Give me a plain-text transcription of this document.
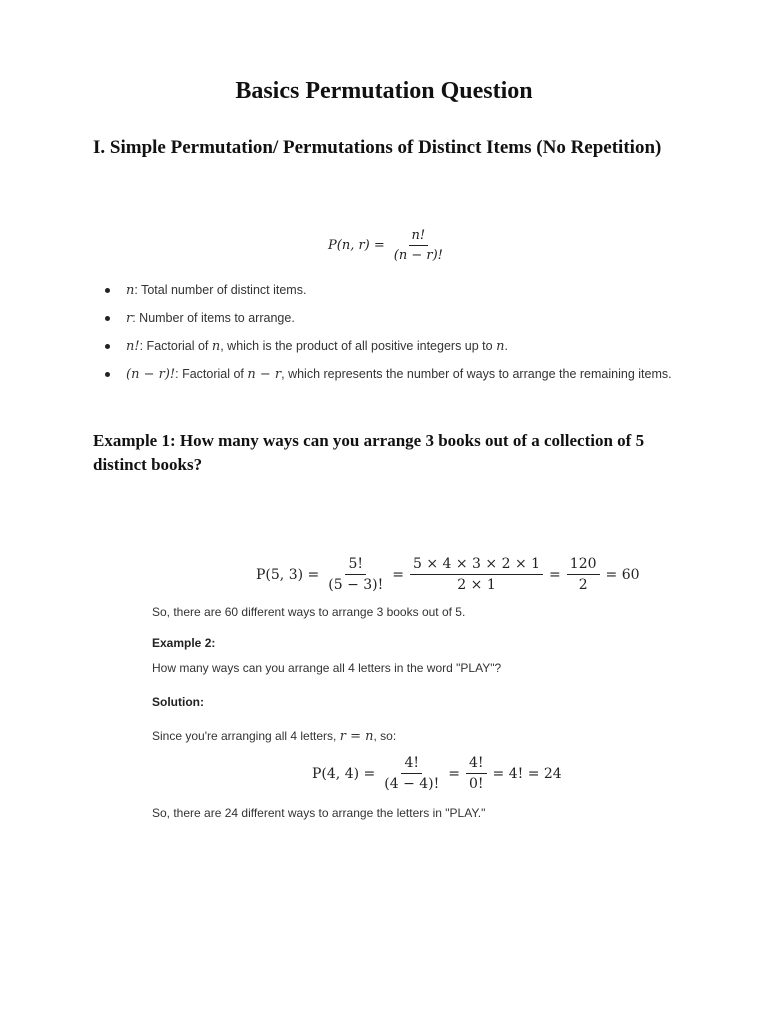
Basics Permutation Question
I. Simple Permutation/ Permutations of Distinct Items (No Repetition)
P(n, $r) = \frac{n!}{(n - r)!}$
n: Total number of distinct items.
r: Number of items to arrange.
n!: Factorial of n, which is the product of all positive integers up to n.
(n − r)!: Factorial of n − r, which represents the number of ways to arrange the remaining items.
Example 1: How many ways can you arrange 3 books out of a collection of 5 distinct books?
P(5, $3) = \frac{5!}{(5 - 3)!} = \frac{5 \times 4 \times 3 \times 2 \times 1}{2 \times 1} = \frac{120}{2} = 60$
So, there are 60 different ways to arrange 3 books out of 5.
Example 2:
How many ways can you arrange all 4 letters in the word "PLAY"?
Solution:
Since you're arranging all 4 letters, r = n, so:
P(4, $4) = \frac{4!}{(4 - 4)!} = \frac{4!}{0!} = 4$! = 24
So, there are 24 different ways to arrange the letters in "PLAY."
